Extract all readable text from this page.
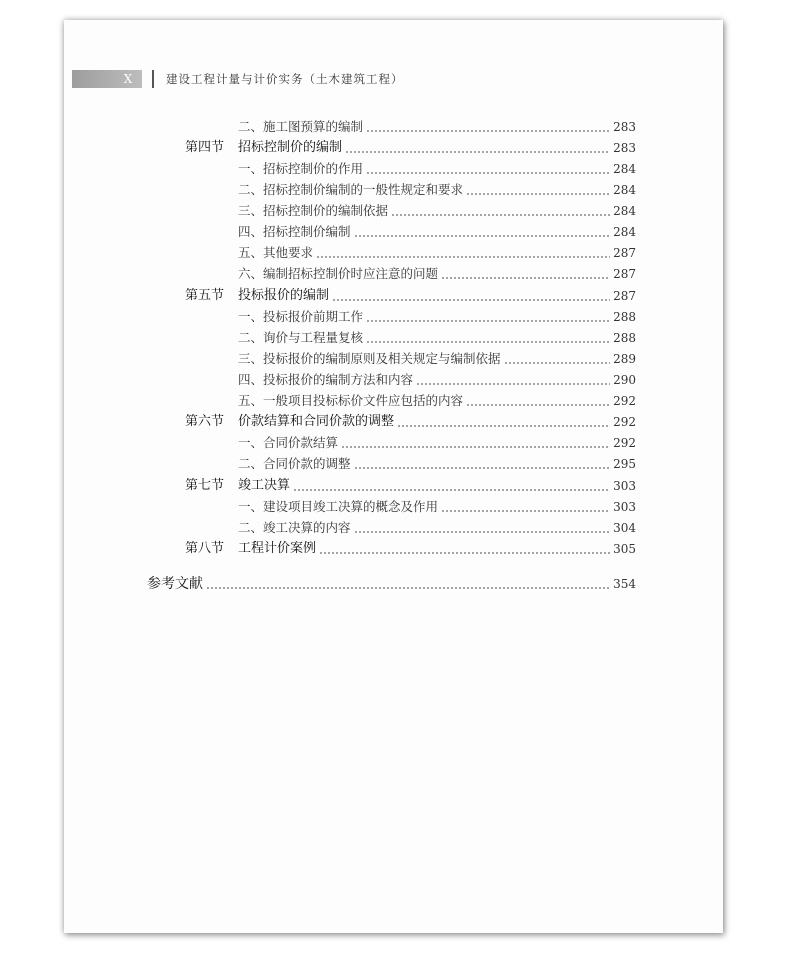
X	建设工程计量与计价实务（土木建筑工程）
二、施工图预算的编制	283
第四节	招标控制价的编制	283
一、招标控制价的作用	284
二、招标控制价编制的一般性规定和要求	284
三、招标控制价的编制依据	284
四、招标控制价编制	284
五、其他要求	287
六、编制招标控制价时应注意的问题	287
第五节	投标报价的编制	287
一、投标报价前期工作	288
二、询价与工程量复核	288
三、投标报价的编制原则及相关规定与编制依据	289
四、投标报价的编制方法和内容	290
五、一般项目投标标价文件应包括的内容	292
第六节	价款结算和合同价款的调整	292
一、合同价款结算	292
二、合同价款的调整	295
第七节	竣工决算	303
一、建设项目竣工决算的概念及作用	303
二、竣工决算的内容	304
第八节	工程计价案例	305
参考文献	354
